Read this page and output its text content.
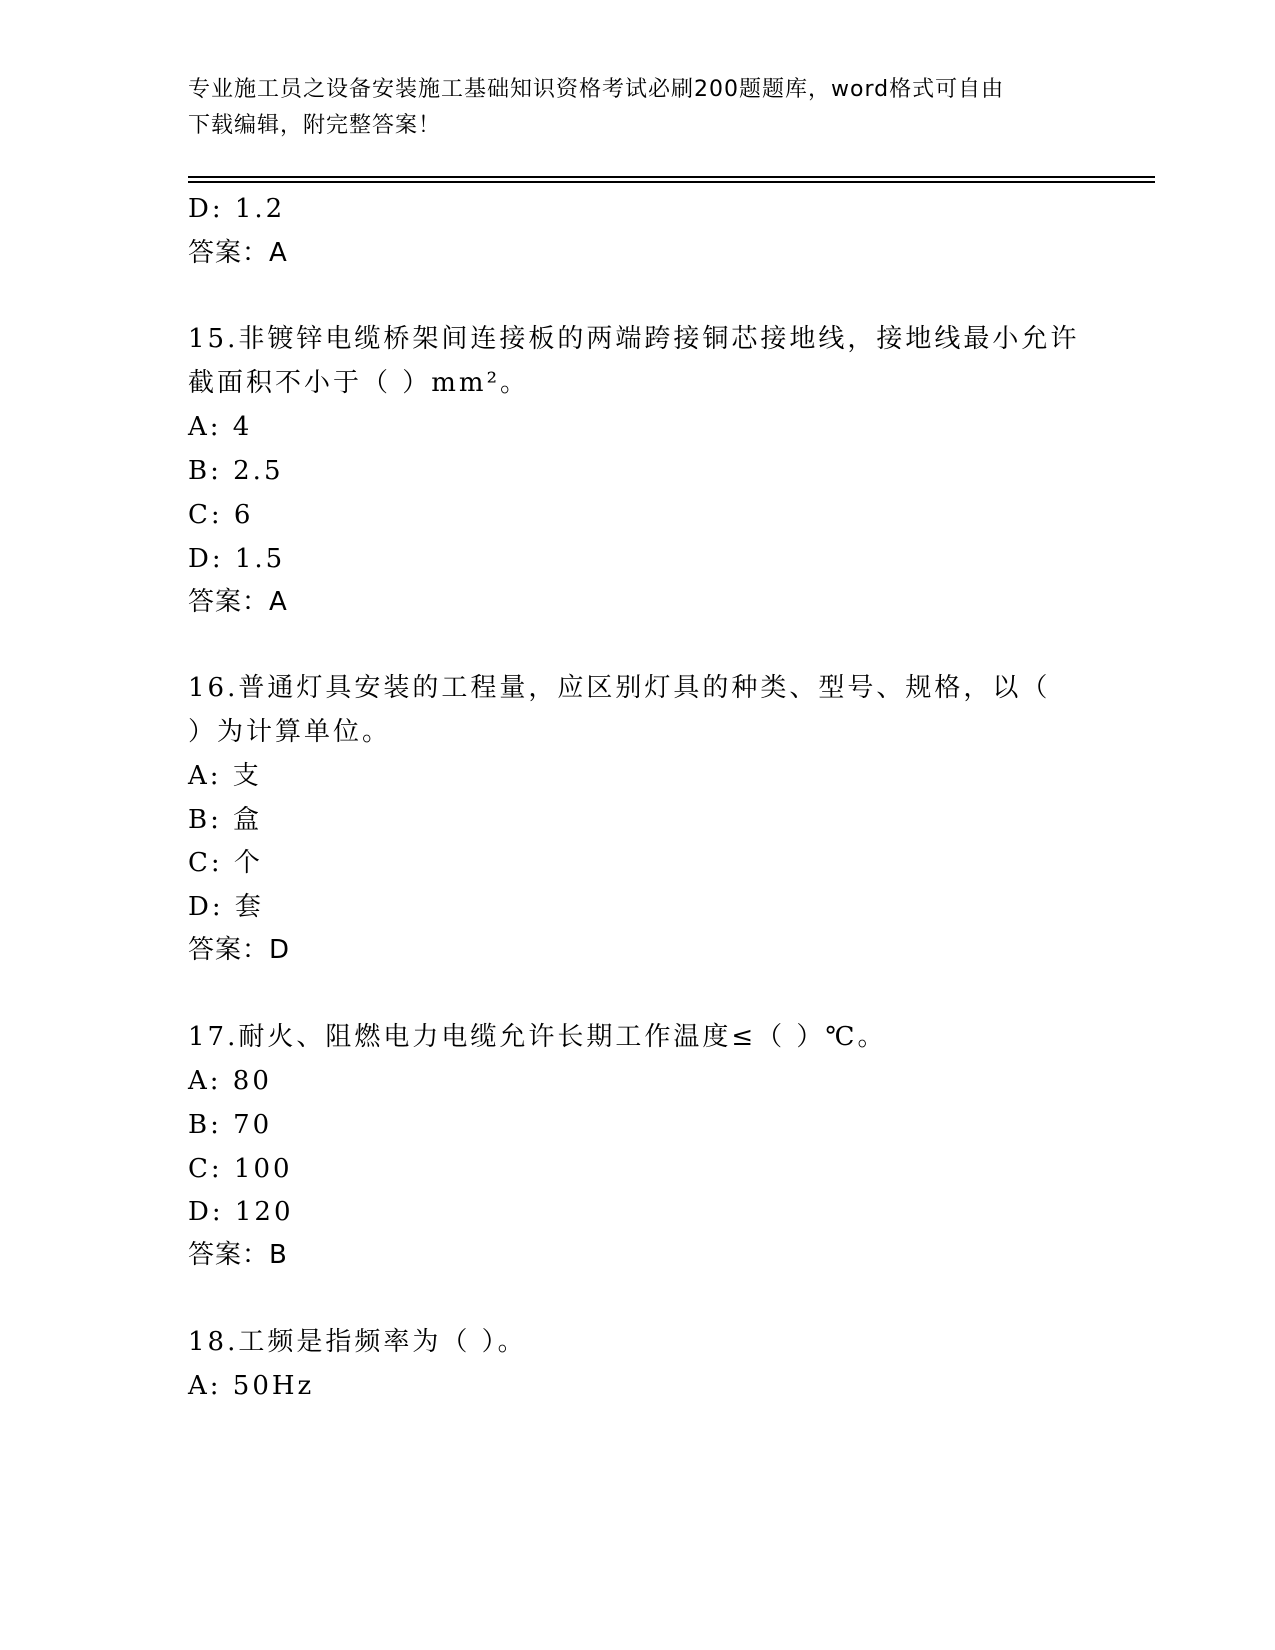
专业施工员之设备安装施工基础知识资格考试必刷200题题库，word格式可自由
下载编辑，附完整答案！
D: 1.2
答案：A
15.非镀锌电缆桥架间连接板的两端跨接铜芯接地线，接地线最小允许
截面积不小于（ ）mm²。
A: 4
B: 2.5
C: 6
D: 1.5
答案：A
16.普通灯具安装的工程量，应区别灯具的种类、型号、规格，以（
）为计算单位。
A: 支
B: 盒
C: 个
D: 套
答案：D
17.耐火、阻燃电力电缆允许长期工作温度≤（ ）℃。
A: 80
B: 70
C: 100
D: 120
答案：B
18.工频是指频率为（ ）。
A: 50Hz
